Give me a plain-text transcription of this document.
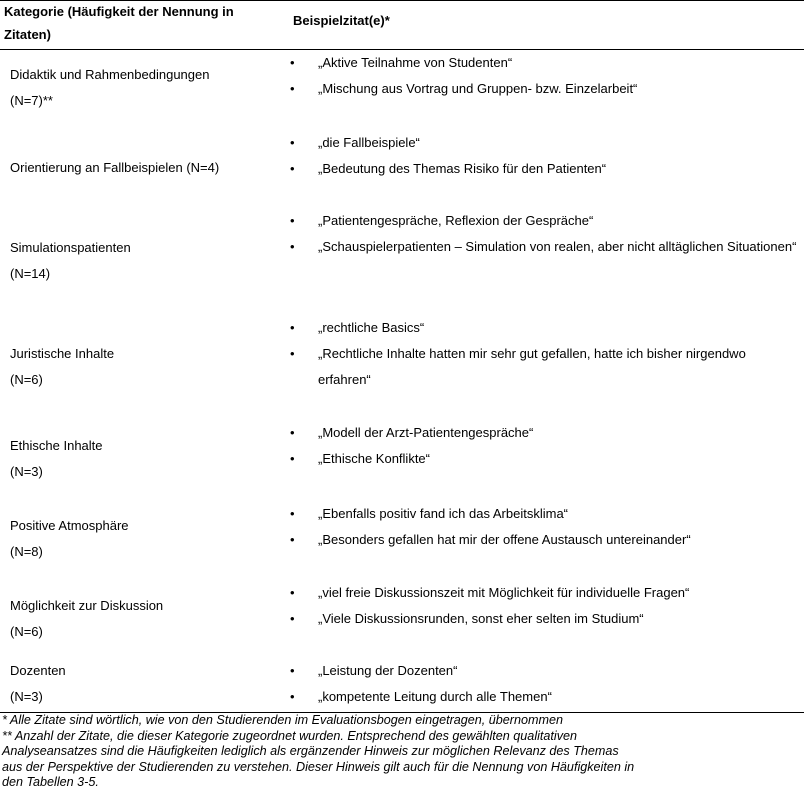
Kategorie (Häufigkeit der Nennung in
Zitaten)
Beispielzitat(e)*
Didaktik und Rahmenbedingungen
(N=7)**
• „Aktive Teilnahme von Studenten“
• „Mischung aus Vortrag und Gruppen- bzw. Einzelarbeit“
Orientierung an Fallbeispielen (N=4)
• „die Fallbeispiele“
• „Bedeutung des Themas Risiko für den Patienten“
Simulationspatienten
(N=14)
• „Patientengespräche, Reflexion der Gespräche“
• „Schauspielerpatienten – Simulation von realen, aber nicht alltäglichen Situationen“
Juristische Inhalte
(N=6)
• „rechtliche Basics“
• „Rechtliche Inhalte hatten mir sehr gut gefallen, hatte ich bisher nirgendwo erfahren“
Ethische Inhalte
(N=3)
• „Modell der Arzt-Patientengespräche“
• „Ethische Konflikte“
Positive Atmosphäre
(N=8)
• „Ebenfalls positiv fand ich das Arbeitsklima“
• „Besonders gefallen hat mir der offene Austausch untereinander“
Möglichkeit zur Diskussion
(N=6)
• „viel freie Diskussionszeit mit Möglichkeit für individuelle Fragen“
• „Viele Diskussionsrunden, sonst eher selten im Studium“
Dozenten
(N=3)
• „Leistung der Dozenten“
• „kompetente Leitung durch alle Themen“

* Alle Zitate sind wörtlich, wie von den Studierenden im Evaluationsbogen eingetragen, übernommen

** Anzahl der Zitate, die dieser Kategorie zugeordnet wurden. Entsprechend des gewählten qualitativen

Analyseansatzes sind die Häufigkeiten lediglich als ergänzender Hinweis zur möglichen Relevanz des Themas

aus der Perspektive der Studierenden zu verstehen. Dieser Hinweis gilt auch für die Nennung von Häufigkeiten in

den Tabellen 3-5.
